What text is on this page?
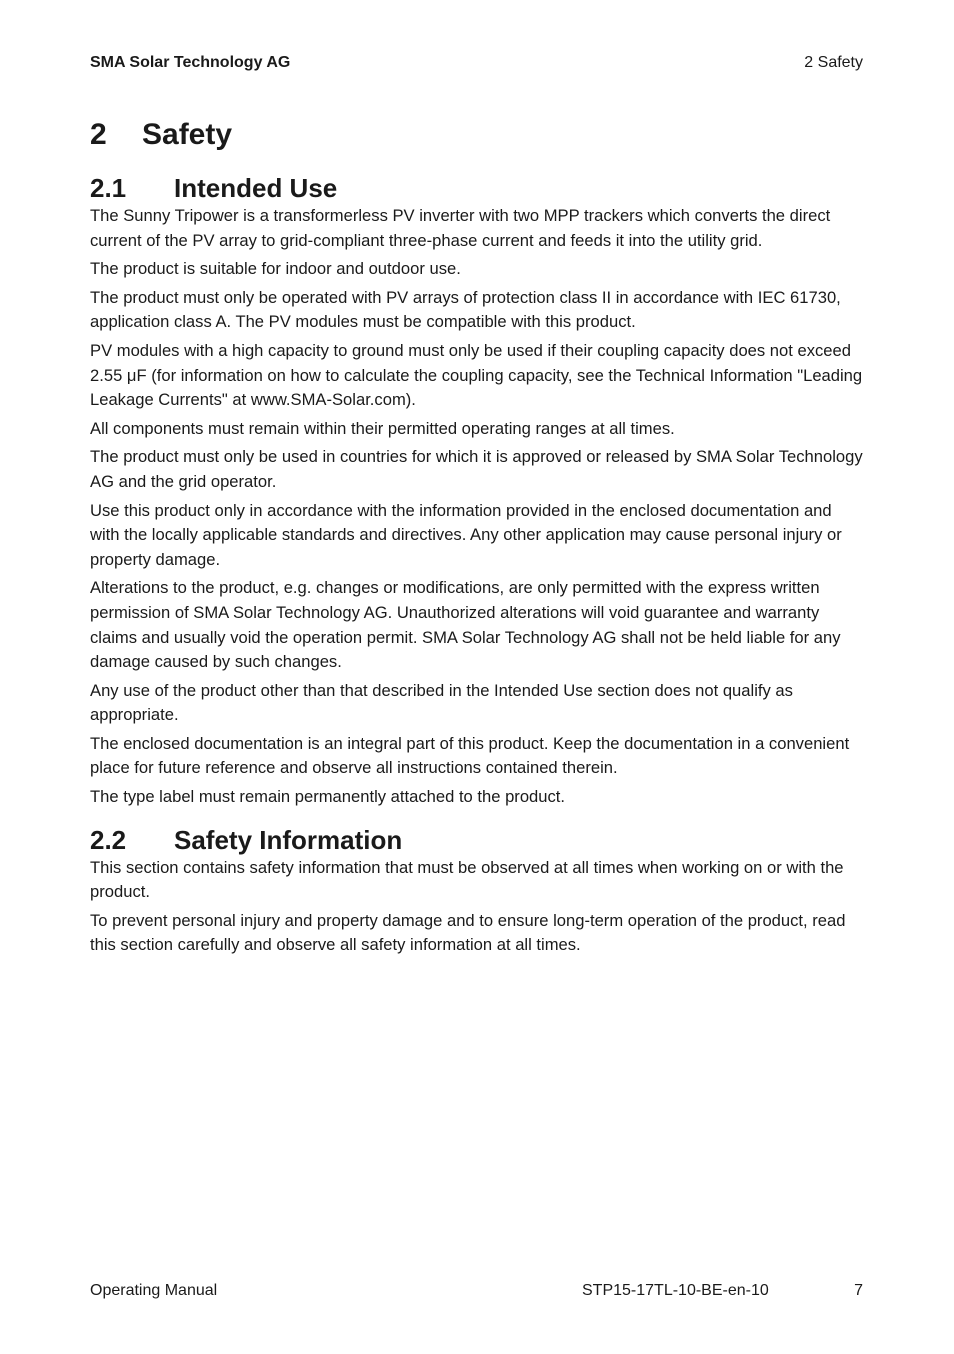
SMA Solar Technology AG	2 Safety
2 Safety
2.1 Intended Use

The Sunny Tripower is a transformerless PV inverter with two MPP trackers which converts the direct current of the PV array to grid-compliant three-phase current and feeds it into the utility grid.

The product is suitable for indoor and outdoor use.

The product must only be operated with PV arrays of protection class II in accordance with IEC 61730, application class A. The PV modules must be compatible with this product.

PV modules with a high capacity to ground must only be used if their coupling capacity does not exceed 2.55 μF (for information on how to calculate the coupling capacity, see the Technical Information "Leading Leakage Currents" at www.SMA-Solar.com).

All components must remain within their permitted operating ranges at all times.

The product must only be used in countries for which it is approved or released by SMA Solar Technology AG and the grid operator.

Use this product only in accordance with the information provided in the enclosed documentation and with the locally applicable standards and directives. Any other application may cause personal injury or property damage.

Alterations to the product, e.g. changes or modifications, are only permitted with the express written permission of SMA Solar Technology AG. Unauthorized alterations will void guarantee and warranty claims and usually void the operation permit. SMA Solar Technology AG shall not be held liable for any damage caused by such changes.

Any use of the product other than that described in the Intended Use section does not qualify as appropriate.

The enclosed documentation is an integral part of this product. Keep the documentation in a convenient place for future reference and observe all instructions contained therein.

The type label must remain permanently attached to the product.

2.2 Safety Information

This section contains safety information that must be observed at all times when working on or with the product.

To prevent personal injury and property damage and to ensure long-term operation of the product, read this section carefully and observe all safety information at all times.

Operating Manual	STP15-17TL-10-BE-en-10	7
